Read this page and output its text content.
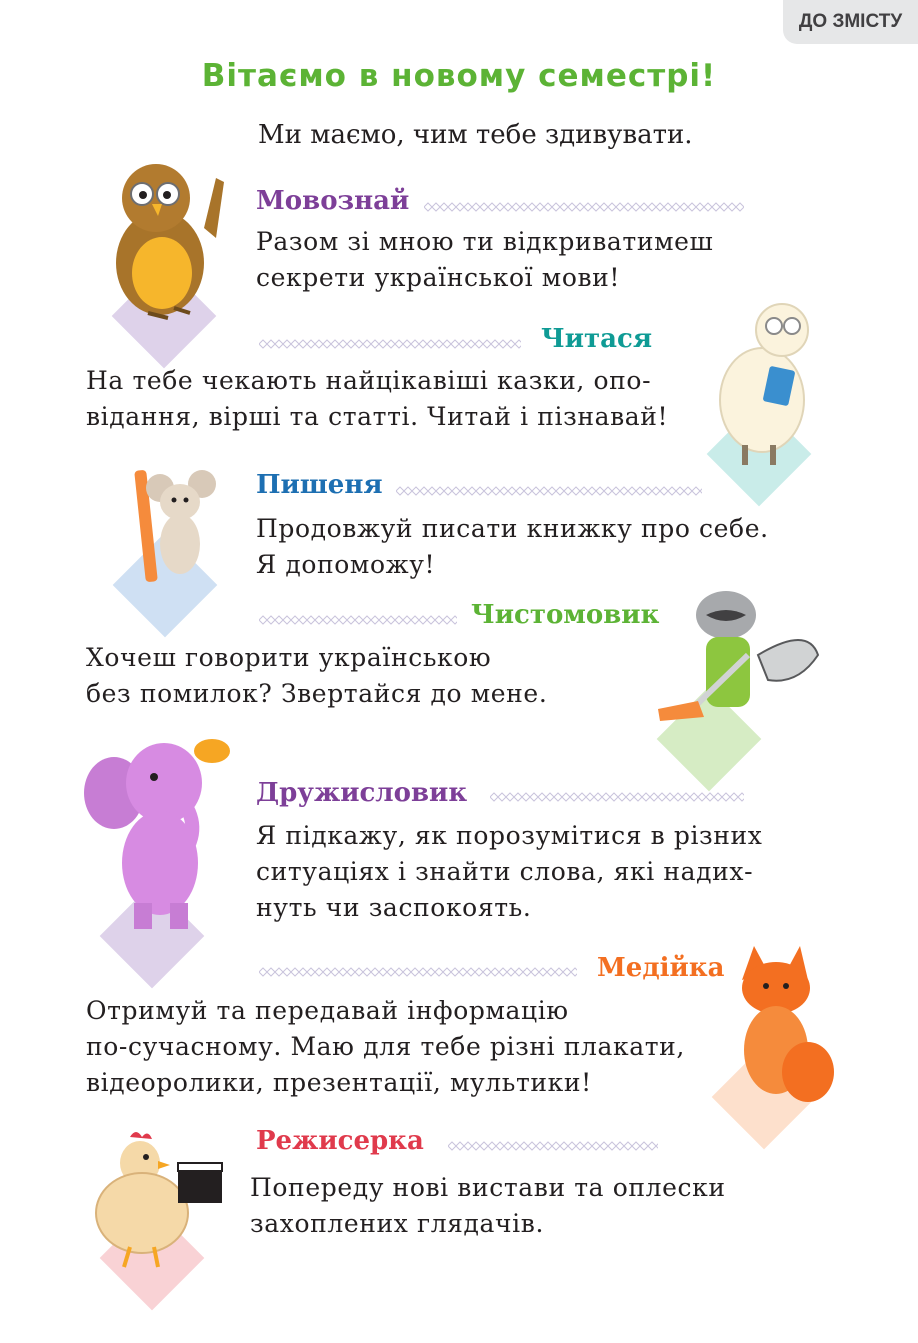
ДО ЗМІСТУ
Вітаємо в новому семестрі!
Ми маємо, чим тебе здивувати.
Мовознай
Разом зі мною ти відкриватимеш
секрети української мови!
Читася
На тебе чекають найцікавіші казки, опо-
відання, вірші та статті. Читай і пізнавай!
Пишеня
Продовжуй писати книжку про себе.
Я допоможу!
Чистомовик
Хочеш говорити українською
без помилок? Звертайся до мене.
Дружисловик
Я підкажу, як порозумітися в різних
ситуаціях і знайти слова, які надих-
нуть чи заспокоять.
Медійка
Отримуй та передавай інформацію
по-сучасному. Маю для тебе різні плакати,
відеоролики, презентації, мультики!
Режисерка
Попереду нові вистави та оплески
захоплених глядачів.
